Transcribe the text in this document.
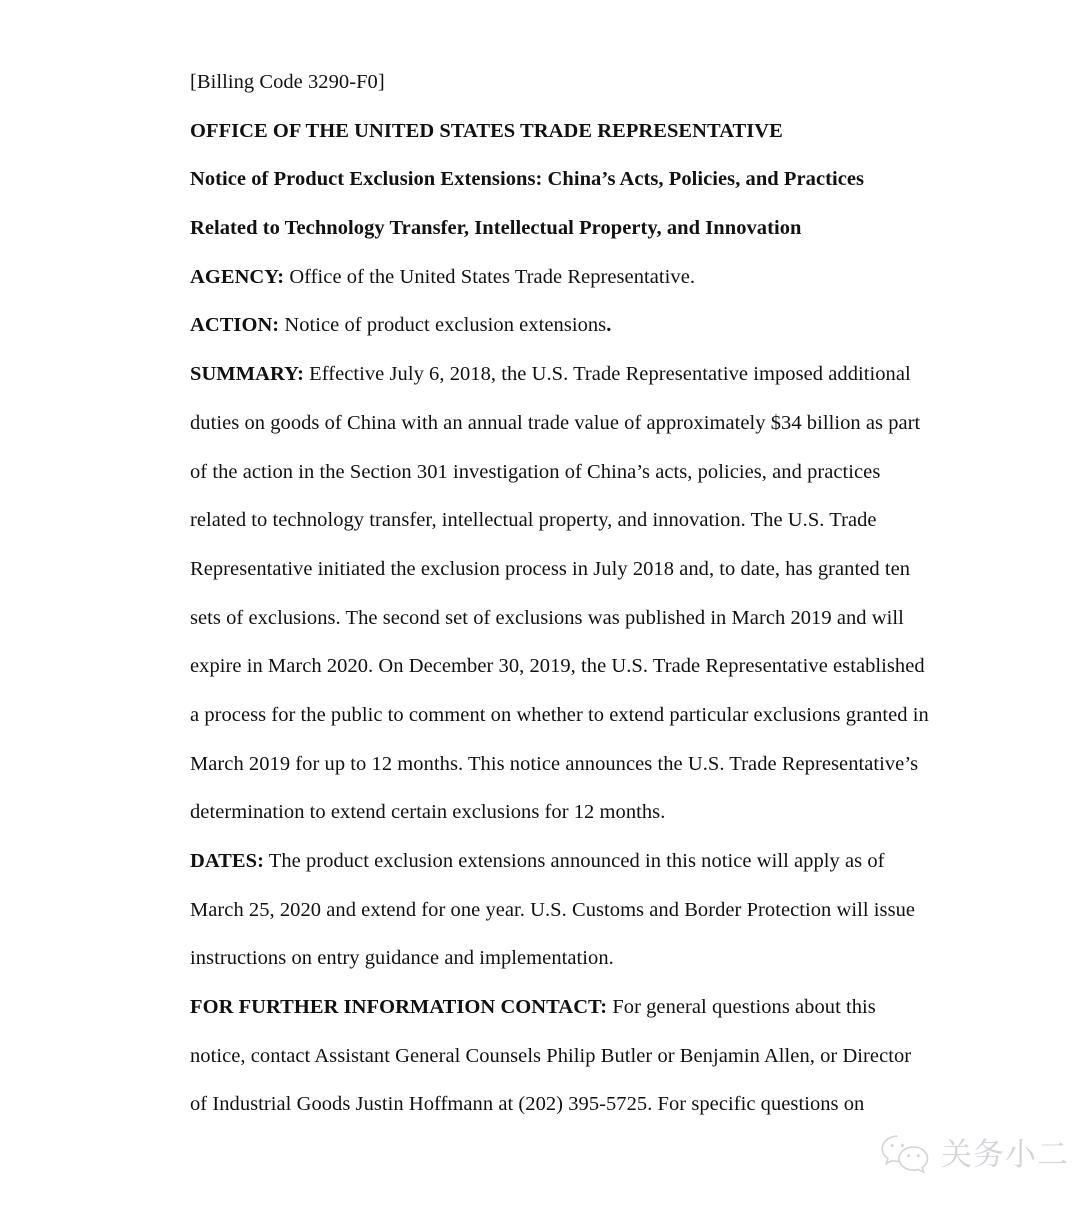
[Billing Code 3290-F0]
OFFICE OF THE UNITED STATES TRADE REPRESENTATIVE
Notice of Product Exclusion Extensions: China’s Acts, Policies, and Practices
Related to Technology Transfer, Intellectual Property, and Innovation
AGENCY: Office of the United States Trade Representative.
ACTION: Notice of product exclusion extensions.
SUMMARY: Effective July 6, 2018, the U.S. Trade Representative imposed additional
duties on goods of China with an annual trade value of approximately $34 billion as part
of the action in the Section 301 investigation of China’s acts, policies, and practices
related to technology transfer, intellectual property, and innovation. The U.S. Trade
Representative initiated the exclusion process in July 2018 and, to date, has granted ten
sets of exclusions. The second set of exclusions was published in March 2019 and will
expire in March 2020. On December 30, 2019, the U.S. Trade Representative established
a process for the public to comment on whether to extend particular exclusions granted in
March 2019 for up to 12 months. This notice announces the U.S. Trade Representative’s
determination to extend certain exclusions for 12 months.
DATES: The product exclusion extensions announced in this notice will apply as of
March 25, 2020 and extend for one year. U.S. Customs and Border Protection will issue
instructions on entry guidance and implementation.
FOR FURTHER INFORMATION CONTACT: For general questions about this
notice, contact Assistant General Counsels Philip Butler or Benjamin Allen, or Director
of Industrial Goods Justin Hoffmann at (202) 395-5725. For specific questions on
关务小二
